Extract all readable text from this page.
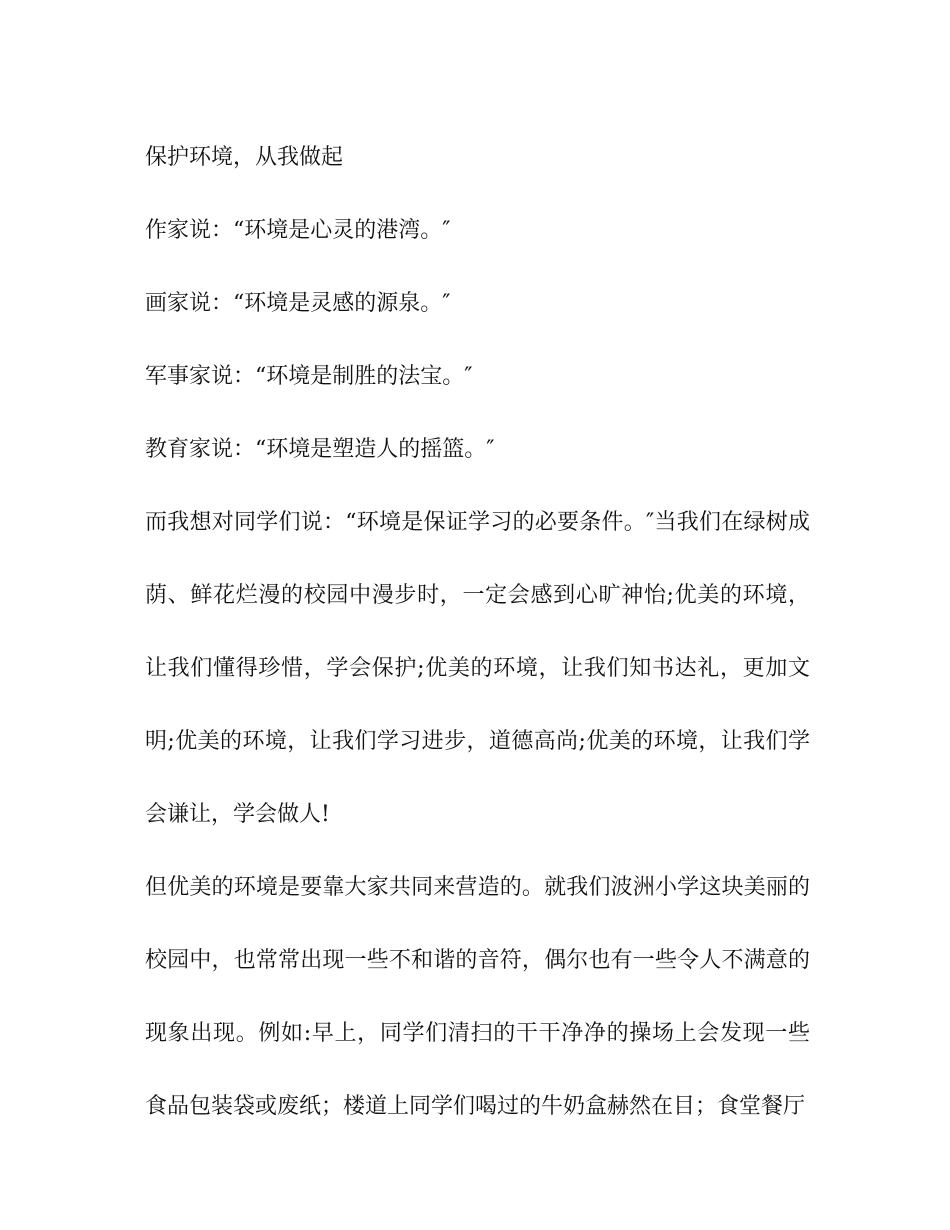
保护环境，从我做起

作家说：“环境是心灵的港湾。″

画家说：“环境是灵感的源泉。″

军事家说：“环境是制胜的法宝。″

教育家说：“环境是塑造人的摇篮。″

而我想对同学们说：“环境是保证学习的必要条件。″当我们在绿树成荫、鲜花烂漫的校园中漫步时，一定会感到心旷神怡;优美的环境，让我们懂得珍惜，学会保护;优美的环境，让我们知书达礼，更加文明;优美的环境，让我们学习进步，道德高尚;优美的环境，让我们学会谦让，学会做人!

但优美的环境是要靠大家共同来营造的。就我们波洲小学这块美丽的校园中，也常常出现一些不和谐的音符，偶尔也有一些令人不满意的现象出现。例如:早上，同学们清扫的干干净净的操场上会发现一些食品包装袋或废纸；楼道上同学们喝过的牛奶盒赫然在目；食堂餐厅
